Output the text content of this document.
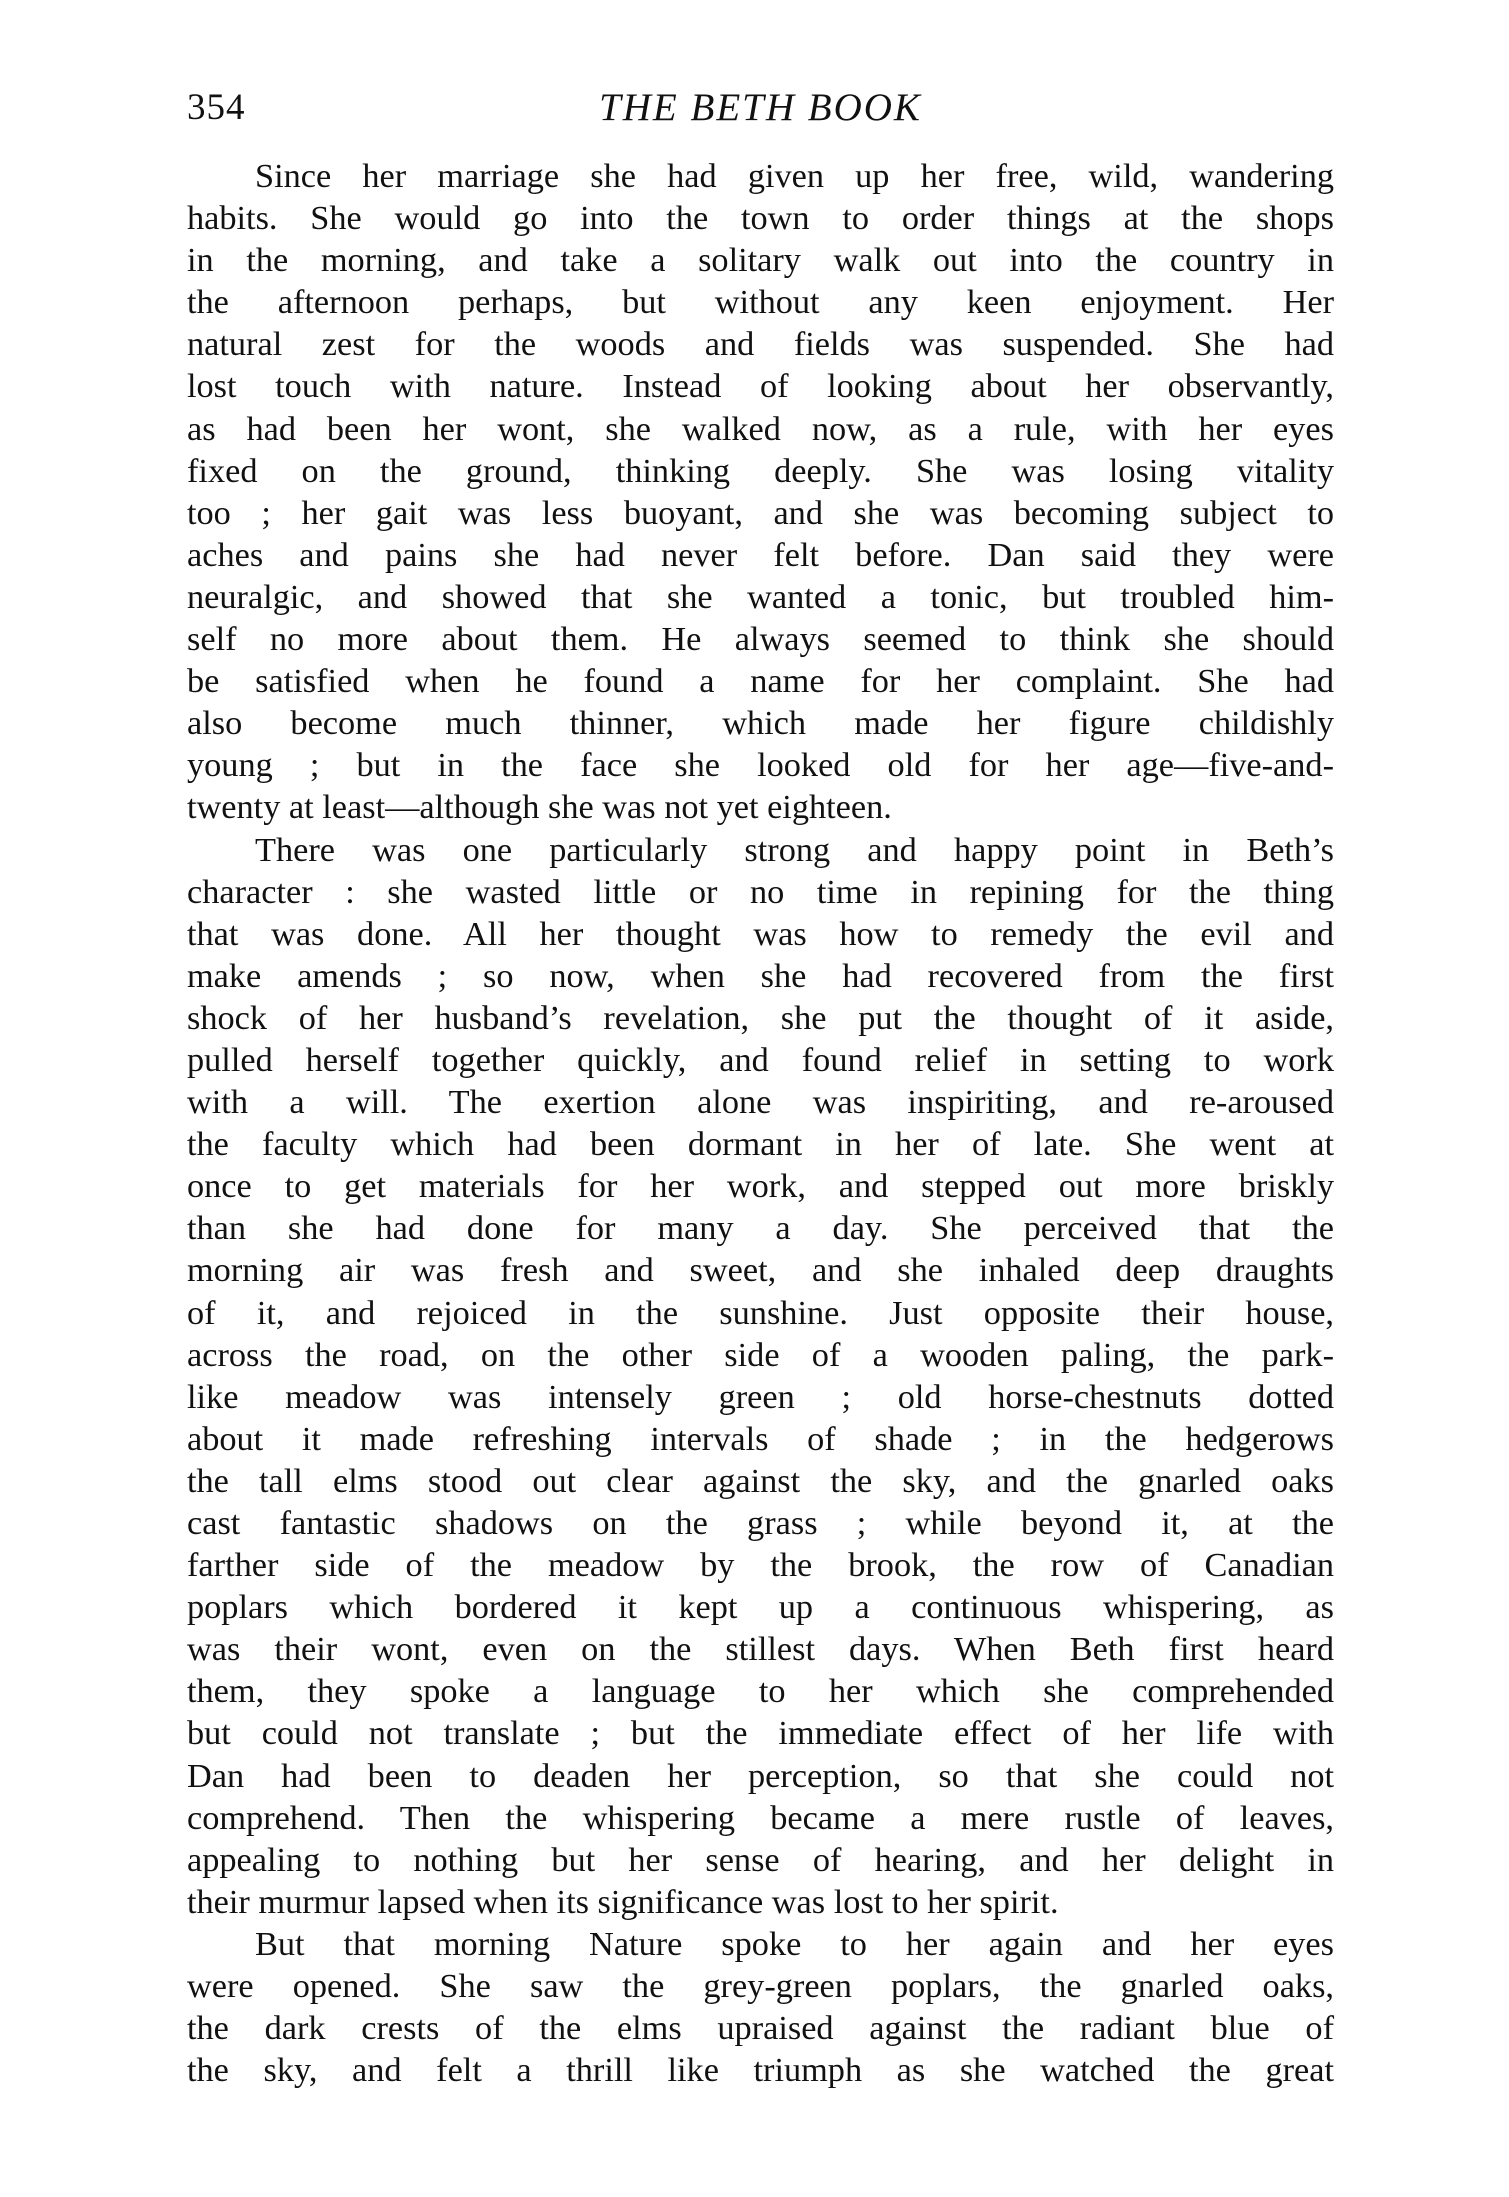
354	THE BETH BOOK
Since her marriage she had given up her free, wild, wandering
habits. She would go into the town to order things at the shops
in the morning, and take a solitary walk out into the country in
the afternoon perhaps, but without any keen enjoyment. Her
natural zest for the woods and fields was suspended. She had
lost touch with nature. Instead of looking about her observantly,
as had been her wont, she walked now, as a rule, with her eyes
fixed on the ground, thinking deeply. She was losing vitality
too ; her gait was less buoyant, and she was becoming subject to
aches and pains she had never felt before. Dan said they were
neuralgic, and showed that she wanted a tonic, but troubled him-
self no more about them. He always seemed to think she should
be satisfied when he found a name for her complaint. She had
also become much thinner, which made her figure childishly
young ; but in the face she looked old for her age—five-and-
twenty at least—although she was not yet eighteen.
There was one particularly strong and happy point in Beth’s
character : she wasted little or no time in repining for the thing
that was done. All her thought was how to remedy the evil and
make amends ; so now, when she had recovered from the first
shock of her husband’s revelation, she put the thought of it aside,
pulled herself together quickly, and found relief in setting to work
with a will. The exertion alone was inspiriting, and re-aroused
the faculty which had been dormant in her of late. She went at
once to get materials for her work, and stepped out more briskly
than she had done for many a day. She perceived that the
morning air was fresh and sweet, and she inhaled deep draughts
of it, and rejoiced in the sunshine. Just opposite their house,
across the road, on the other side of a wooden paling, the park-
like meadow was intensely green ; old horse-chestnuts dotted
about it made refreshing intervals of shade ; in the hedgerows
the tall elms stood out clear against the sky, and the gnarled oaks
cast fantastic shadows on the grass ; while beyond it, at the
farther side of the meadow by the brook, the row of Canadian
poplars which bordered it kept up a continuous whispering, as
was their wont, even on the stillest days. When Beth first heard
them, they spoke a language to her which she comprehended
but could not translate ; but the immediate effect of her life with
Dan had been to deaden her perception, so that she could not
comprehend. Then the whispering became a mere rustle of leaves,
appealing to nothing but her sense of hearing, and her delight in
their murmur lapsed when its significance was lost to her spirit.
But that morning Nature spoke to her again and her eyes
were opened. She saw the grey-green poplars, the gnarled oaks,
the dark crests of the elms upraised against the radiant blue of
the sky, and felt a thrill like triumph as she watched the great
